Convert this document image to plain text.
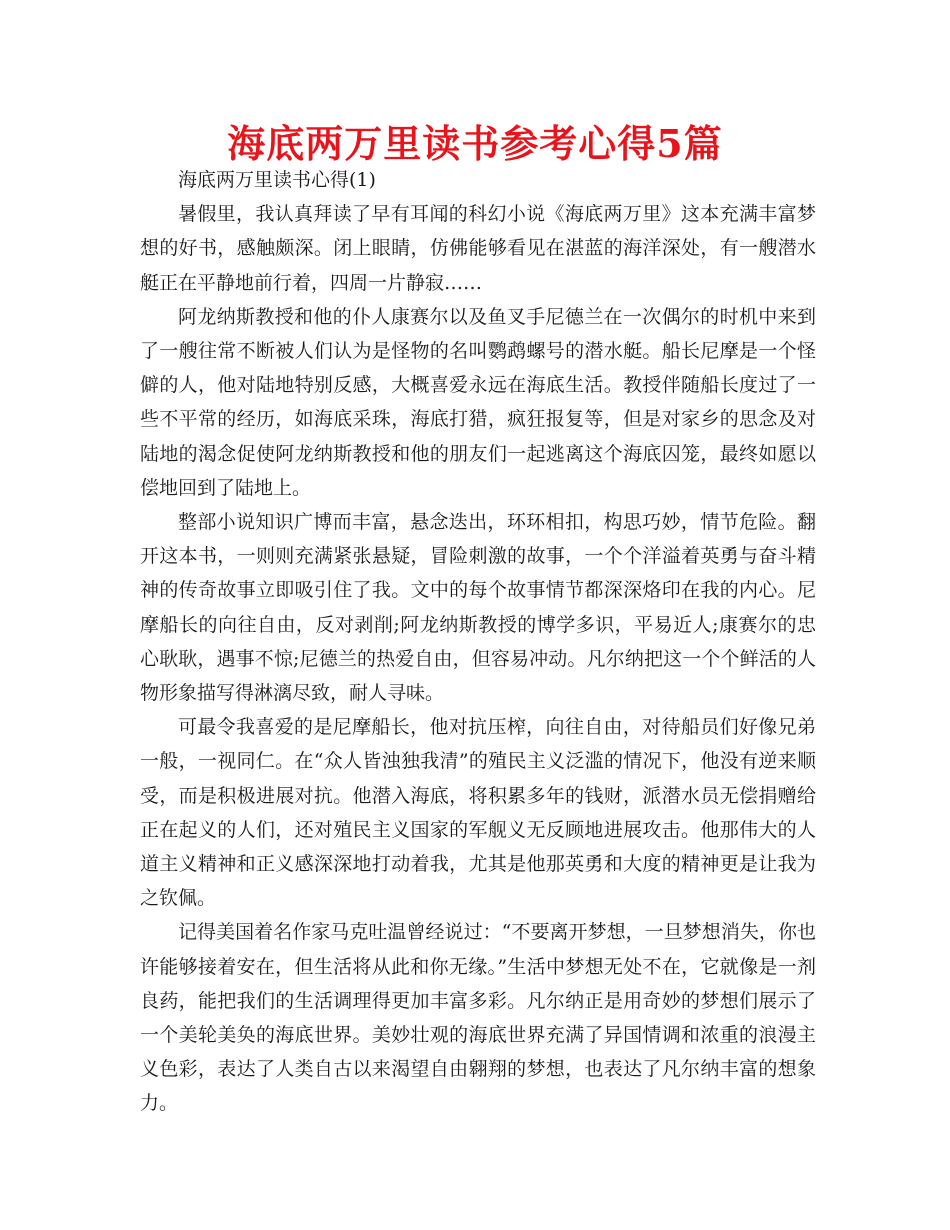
海底两万里读书参考心得5篇

海底两万里读书心得(1)

暑假里，我认真拜读了早有耳闻的科幻小说《海底两万里》这本充满丰富梦想的好书，感触颇深。闭上眼睛，仿佛能够看见在湛蓝的海洋深处，有一艘潜水艇正在平静地前行着，四周一片静寂……

阿龙纳斯教授和他的仆人康赛尔以及鱼叉手尼德兰在一次偶尔的时机中来到了一艘往常不断被人们认为是怪物的名叫鹦鹉螺号的潜水艇。船长尼摩是一个怪僻的人，他对陆地特别反感，大概喜爱永远在海底生活。教授伴随船长度过了一些不平常的经历，如海底采珠，海底打猎，疯狂报复等，但是对家乡的思念及对陆地的渴念促使阿龙纳斯教授和他的朋友们一起逃离这个海底囚笼，最终如愿以偿地回到了陆地上。

整部小说知识广博而丰富，悬念迭出，环环相扣，构思巧妙，情节危险。翻开这本书，一则则充满紧张悬疑，冒险刺激的故事，一个个洋溢着英勇与奋斗精神的传奇故事立即吸引住了我。文中的每个故事情节都深深烙印在我的内心。尼摩船长的向往自由，反对剥削;阿龙纳斯教授的博学多识，平易近人;康赛尔的忠心耿耿，遇事不惊;尼德兰的热爱自由，但容易冲动。凡尔纳把这一个个鲜活的人物形象描写得淋漓尽致，耐人寻味。

可最令我喜爱的是尼摩船长，他对抗压榨，向往自由，对待船员们好像兄弟一般，一视同仁。在“众人皆浊独我清”的殖民主义泛滥的情况下，他没有逆来顺受，而是积极进展对抗。他潜入海底，将积累多年的钱财，派潜水员无偿捐赠给正在起义的人们，还对殖民主义国家的军舰义无反顾地进展攻击。他那伟大的人道主义精神和正义感深深地打动着我，尤其是他那英勇和大度的精神更是让我为之钦佩。

记得美国着名作家马克吐温曾经说过：“不要离开梦想，一旦梦想消失，你也许能够接着安在，但生活将从此和你无缘。”生活中梦想无处不在，它就像是一剂良药，能把我们的生活调理得更加丰富多彩。凡尔纳正是用奇妙的梦想们展示了一个美轮美奂的海底世界。美妙壮观的海底世界充满了异国情调和浓重的浪漫主义色彩，表达了人类自古以来渴望自由翱翔的梦想，也表达了凡尔纳丰富的想象力。
